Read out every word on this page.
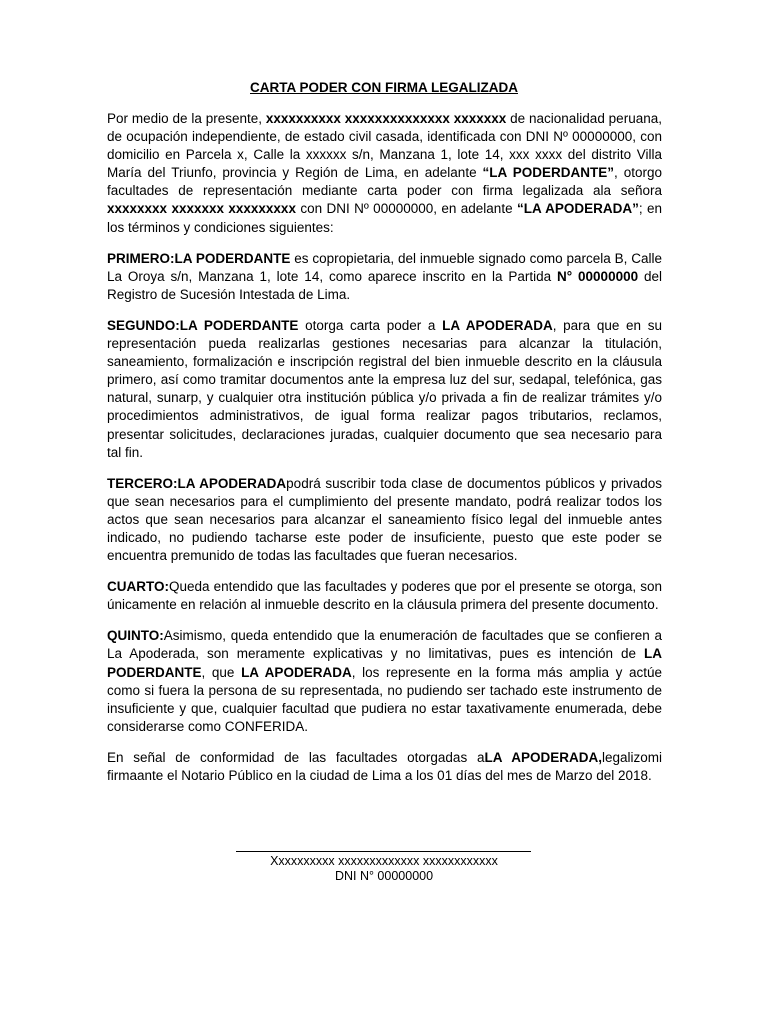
CARTA PODER CON FIRMA LEGALIZADA

Por medio de la presente, xxxxxxxxxx xxxxxxxxxxxxxx xxxxxxx de nacionalidad peruana, de ocupación independiente, de estado civil casada, identificada con DNI Nº 00000000, con domicilio en Parcela x, Calle la xxxxxx s/n, Manzana 1, lote 14, xxx xxxx del distrito Villa María del Triunfo, provincia y Región de Lima, en adelante “LA PODERDANTE”, otorgo facultades de representación mediante carta poder con firma legalizada ala señora xxxxxxxx xxxxxxx xxxxxxxxx con DNI Nº 00000000, en adelante “LA APODERADA”; en los términos y condiciones siguientes:

PRIMERO:LA PODERDANTE es copropietaria, del inmueble signado como parcela B, Calle La Oroya s/n, Manzana 1, lote 14, como aparece inscrito en la Partida N° 00000000 del Registro de Sucesión Intestada de Lima.

SEGUNDO:LA PODERDANTE otorga carta poder a LA APODERADA, para que en su representación pueda realizarlas gestiones necesarias para alcanzar la titulación, saneamiento, formalización e inscripción registral del bien inmueble descrito en la cláusula primero, así como tramitar documentos ante la empresa luz del sur, sedapal, telefónica, gas natural, sunarp, y cualquier otra institución pública y/o privada a fin de realizar trámites y/o procedimientos administrativos, de igual forma realizar pagos tributarios, reclamos, presentar solicitudes, declaraciones juradas, cualquier documento que sea necesario para tal fin.

TERCERO:LA APODERADApodrá suscribir toda clase de documentos públicos y privados que sean necesarios para el cumplimiento del presente mandato, podrá realizar todos los actos que sean necesarios para alcanzar el saneamiento físico legal del inmueble antes indicado, no pudiendo tacharse este poder de insuficiente, puesto que este poder se encuentra premunido de todas las facultades que fueran necesarios.

CUARTO:Queda entendido que las facultades y poderes que por el presente se otorga, son únicamente en relación al inmueble descrito en la cláusula primera del presente documento.

QUINTO:Asimismo, queda entendido que la enumeración de facultades que se confieren a La Apoderada, son meramente explicativas y no limitativas, pues es intención de LA PODERDANTE, que LA APODERADA, los represente en la forma más amplia y actúe como si fuera la persona de su representada, no pudiendo ser tachado este instrumento de insuficiente y que, cualquier facultad que pudiera no estar taxativamente enumerada, debe considerarse como CONFERIDA.

En señal de conformidad de las facultades otorgadas aLA APODERADA,legalizomi firmaante el Notario Público en la ciudad de Lima a los 01 días del mes de Marzo del 2018.

Xxxxxxxxxx xxxxxxxxxxxxx xxxxxxxxxxxx
DNI N° 00000000
